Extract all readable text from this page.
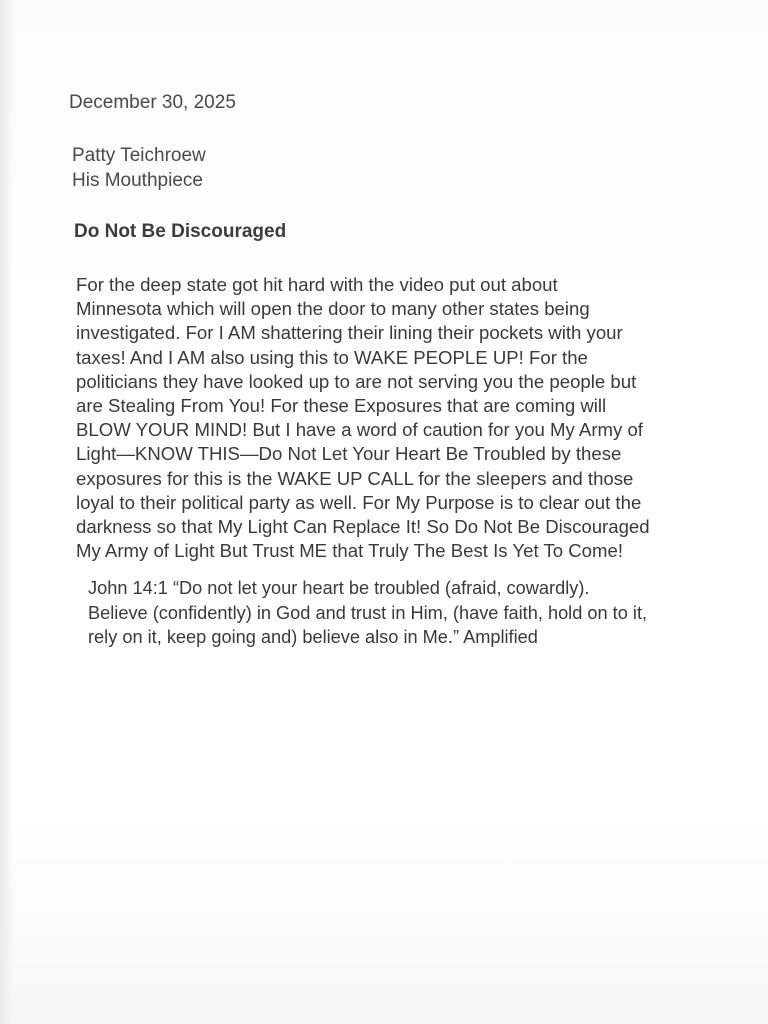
December 30, 2025
Patty Teichroew
His Mouthpiece
Do Not Be Discouraged
For the deep state got hit hard with the video put out about
Minnesota which will open the door to many other states being
investigated. For I AM shattering their lining their pockets with your
taxes! And I AM also using this to WAKE PEOPLE UP! For the
politicians they have looked up to are not serving you the people but
are Stealing From You! For these Exposures that are coming will
BLOW YOUR MIND! But I have a word of caution for you My Army of
Light—KNOW THIS—Do Not Let Your Heart Be Troubled by these
exposures for this is the WAKE UP CALL for the sleepers and those
loyal to their political party as well. For My Purpose is to clear out the
darkness so that My Light Can Replace It! So Do Not Be Discouraged
My Army of Light But Trust ME that Truly The Best Is Yet To Come!
John 14:1 “Do not let your heart be troubled (afraid, cowardly).
Believe (confidently) in God and trust in Him, (have faith, hold on to it,
rely on it, keep going and) believe also in Me.” Amplified
